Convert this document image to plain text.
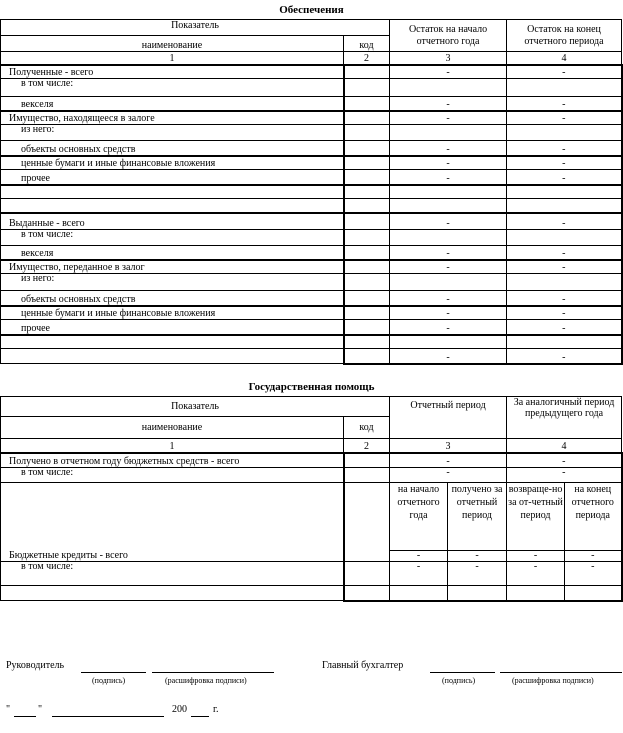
Обеспечения
Показатель		Остаток на начало отчетного года	Остаток на конец отчетного периода
наименование	код		
1	2	3	4
Полученные - всего		-	-
в том числе:			
векселя		-	-
Имущество, находящееся в залоге		-	-
из него:			
объекты основных средств		-	-
ценные бумаги и иные финансовые вложения		-	-
прочее		-	-

Выданные - всего		-	-
в том числе:			
векселя		-	-
Имущество, переданное в залог		-	-
из него:			
объекты основных средств		-	-
ценные бумаги и иные финансовые вложения		-	-
прочее		-	-

		-	-
Государственная помощь
Показатель		Отчетный период		За аналогичный период предыдущего года	
наименование	код				
1	2	3		4	
Получено в отчетном году бюджетных средств - всего		-		-	
в том числе:		-		-	
		на начало отчетного года	получено за отчетный период	возвраще-но за от-четный период	на конец отчетного периода
Бюджетные кредиты - всего		-	-	-	-
в том числе:		-	-	-	-

Руководитель
(подпись)	(расшифровка подписи)
Главный бухгалтер
(подпись)	(расшифровка подписи)
"	"	200	г.
